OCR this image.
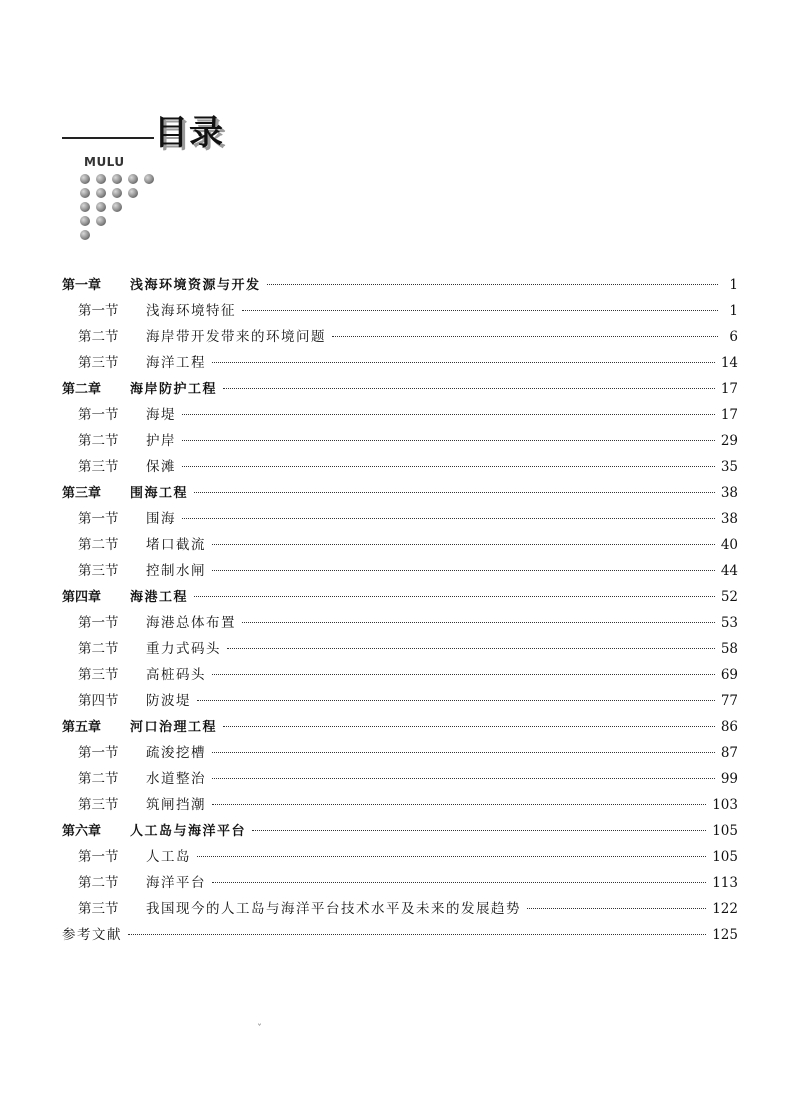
目录
MULU
第一章	浅海环境资源与开发	1
第一节	浅海环境特征	1
第二节	海岸带开发带来的环境问题	6
第三节	海洋工程	14
第二章	海岸防护工程	17
第一节	海堤	17
第二节	护岸	29
第三节	保滩	35
第三章	围海工程	38
第一节	围海	38
第二节	堵口截流	40
第三节	控制水闸	44
第四章	海港工程	52
第一节	海港总体布置	53
第二节	重力式码头	58
第三节	高桩码头	69
第四节	防波堤	77
第五章	河口治理工程	86
第一节	疏浚挖槽	87
第二节	水道整治	99
第三节	筑闸挡潮	103
第六章	人工岛与海洋平台	105
第一节	人工岛	105
第二节	海洋平台	113
第三节	我国现今的人工岛与海洋平台技术水平及未来的发展趋势	122
参考文献	125
ˇ
